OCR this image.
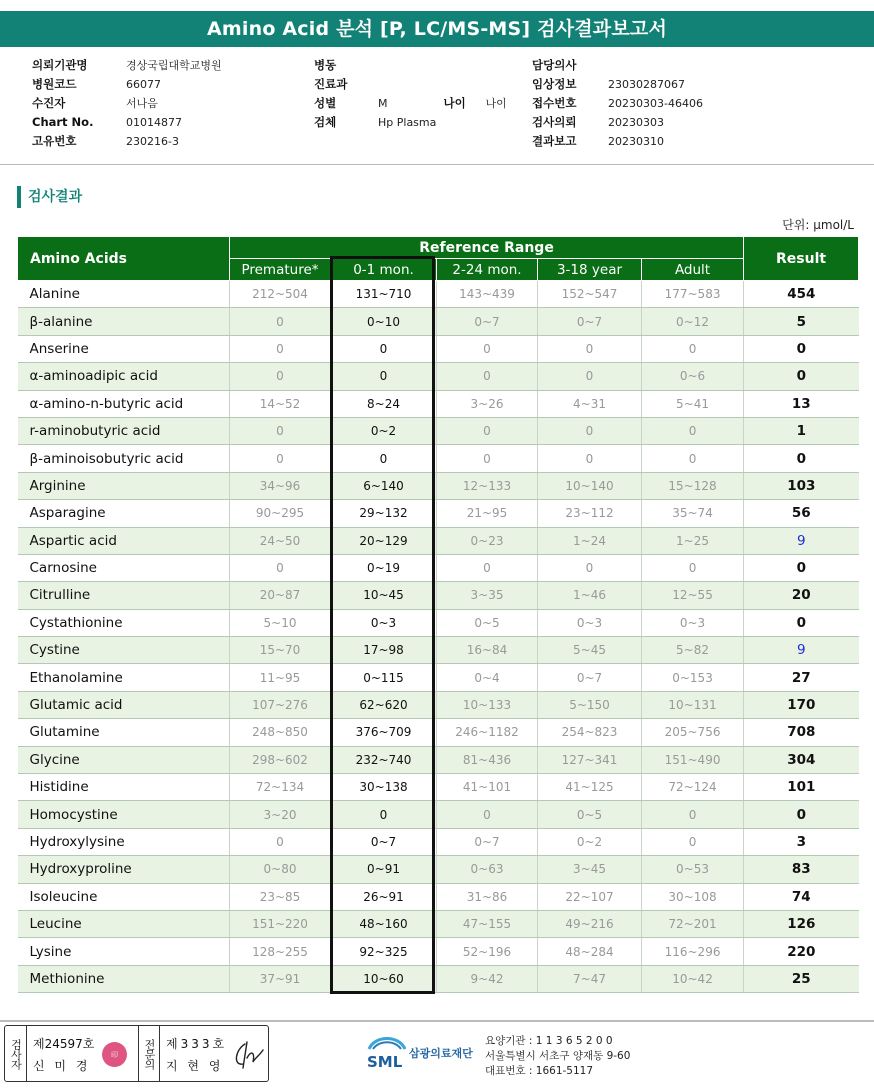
Amino Acid 분석 [P, LC/MS-MS] 검사결과보고서
의뢰기관명	경상국립대학교병원
병원코드	66077
수진자	서나음
Chart No.	01014877
고유번호	230216-3
병동
진료과
성별	M	나이	나이
검체	Hp Plasma
담당의사
임상정보	23030287067
접수번호	20230303-46406
검사의뢰	20230303
결과보고	20230310
검사결과
단위: μmol/L
Amino Acids	Reference Range					Result
	Premature*	0-1 mon.	2-24 mon.	3-18 year	Adult	
Alanine	212~504	131~710	143~439	152~547	177~583	454
β-alanine	0	0~10	0~7	0~7	0~12	5
Anserine	0	0	0	0	0	0
α-aminoadipic acid	0	0	0	0	0~6	0
α-amino-n-butyric acid	14~52	8~24	3~26	4~31	5~41	13
r-aminobutyric acid	0	0~2	0	0	0	1
β-aminoisobutyric acid	0	0	0	0	0	0
Arginine	34~96	6~140	12~133	10~140	15~128	103
Asparagine	90~295	29~132	21~95	23~112	35~74	56
Aspartic acid	24~50	20~129	0~23	1~24	1~25	9
Carnosine	0	0~19	0	0	0	0
Citrulline	20~87	10~45	3~35	1~46	12~55	20
Cystathionine	5~10	0~3	0~5	0~3	0~3	0
Cystine	15~70	17~98	16~84	5~45	5~82	9
Ethanolamine	11~95	0~115	0~4	0~7	0~153	27
Glutamic acid	107~276	62~620	10~133	5~150	10~131	170
Glutamine	248~850	376~709	246~1182	254~823	205~756	708
Glycine	298~602	232~740	81~436	127~341	151~490	304
Histidine	72~134	30~138	41~101	41~125	72~124	101
Homocystine	3~20	0	0	0~5	0	0
Hydroxylysine	0	0~7	0~7	0~2	0	3
Hydroxyproline	0~80	0~91	0~63	3~45	0~53	83
Isoleucine	23~85	26~91	31~86	22~107	30~108	74
Leucine	151~220	48~160	47~155	49~216	72~201	126
Lysine	128~255	92~325	52~196	48~284	116~296	220
Methionine	37~91	10~60	9~42	7~47	10~42	25
검사자 제24597호
신 미 경
印	전문의 제333호
지 현 영	SML 삼광의료재단
요양기관 : 1 1 3 6 5 2 0 0
서울특별시 서초구 양재동 9-60
대표번호 : 1661-5117
